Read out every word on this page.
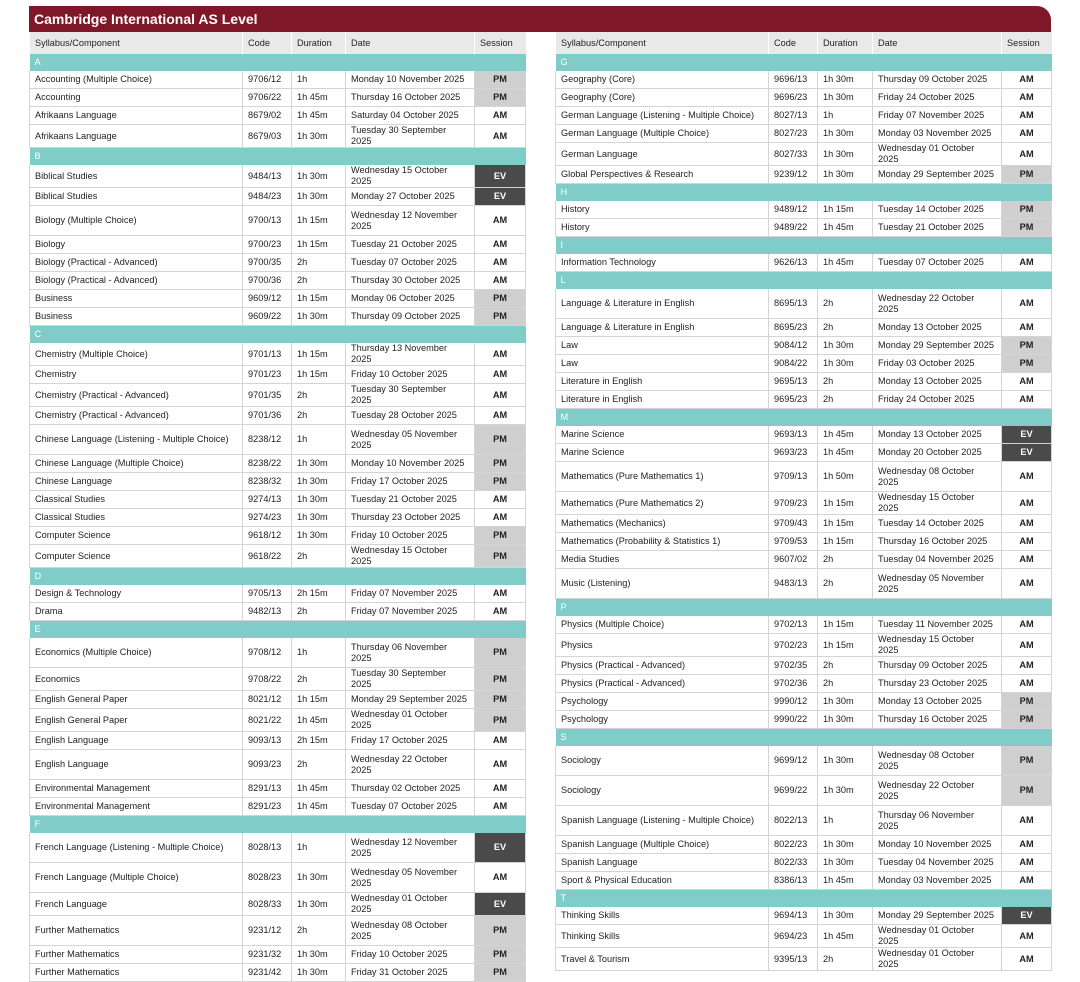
Cambridge International AS Level
Syllabus/Component	Code	Duration	Date	Session
A				
Accounting (Multiple Choice)	9706/12	1h	Monday 10 November 2025	PM
Accounting	9706/22	1h 45m	Thursday 16 October 2025	PM
Afrikaans Language	8679/02	1h 45m	Saturday 04 October 2025	AM
Afrikaans Language	8679/03	1h 30m	Tuesday 30 September 2025	AM
B				
Biblical Studies	9484/13	1h 30m	Wednesday 15 October 2025	EV
Biblical Studies	9484/23	1h 30m	Monday 27 October 2025	EV
Biology (Multiple Choice)	9700/13	1h 15m	Wednesday 12 November 2025	AM
Biology	9700/23	1h 15m	Tuesday 21 October 2025	AM
Biology (Practical - Advanced)	9700/35	2h	Tuesday 07 October 2025	AM
Biology (Practical - Advanced)	9700/36	2h	Thursday 30 October 2025	AM
Business	9609/12	1h 15m	Monday 06 October 2025	PM
Business	9609/22	1h 30m	Thursday 09 October 2025	PM
C				
Chemistry (Multiple Choice)	9701/13	1h 15m	Thursday 13 November 2025	AM
Chemistry	9701/23	1h 15m	Friday 10 October 2025	AM
Chemistry (Practical - Advanced)	9701/35	2h	Tuesday 30 September 2025	AM
Chemistry (Practical - Advanced)	9701/36	2h	Tuesday 28 October 2025	AM
Chinese Language (Listening - Multiple Choice)	8238/12	1h	Wednesday 05 November 2025	PM
Chinese Language (Multiple Choice)	8238/22	1h 30m	Monday 10 November 2025	PM
Chinese Language	8238/32	1h 30m	Friday 17 October 2025	PM
Classical Studies	9274/13	1h 30m	Tuesday 21 October 2025	AM
Classical Studies	9274/23	1h 30m	Thursday 23 October 2025	AM
Computer Science	9618/12	1h 30m	Friday 10 October 2025	PM
Computer Science	9618/22	2h	Wednesday 15 October 2025	PM
D				
Design & Technology	9705/13	2h 15m	Friday 07 November 2025	AM
Drama	9482/13	2h	Friday 07 November 2025	AM
E				
Economics (Multiple Choice)	9708/12	1h	Thursday 06 November 2025	PM
Economics	9708/22	2h	Tuesday 30 September 2025	PM
English General Paper	8021/12	1h 15m	Monday 29 September 2025	PM
English General Paper	8021/22	1h 45m	Wednesday 01 October 2025	PM
English Language	9093/13	2h 15m	Friday 17 October 2025	AM
English Language	9093/23	2h	Wednesday 22 October 2025	AM
Environmental Management	8291/13	1h 45m	Thursday 02 October 2025	AM
Environmental Management	8291/23	1h 45m	Tuesday 07 October 2025	AM
F				
French Language (Listening - Multiple Choice)	8028/13	1h	Wednesday 12 November 2025	EV
French Language (Multiple Choice)	8028/23	1h 30m	Wednesday 05 November 2025	AM
French Language	8028/33	1h 30m	Wednesday 01 October 2025	EV
Further Mathematics	9231/12	2h	Wednesday 08 October 2025	PM
Further Mathematics	9231/32	1h 30m	Friday 10 October 2025	PM
Further Mathematics	9231/42	1h 30m	Friday 31 October 2025	PM
Syllabus/Component	Code	Duration	Date	Session
G				
Geography (Core)	9696/13	1h 30m	Thursday 09 October 2025	AM
Geography (Core)	9696/23	1h 30m	Friday 24 October 2025	AM
German Language (Listening - Multiple Choice)	8027/13	1h	Friday 07 November 2025	AM
German Language (Multiple Choice)	8027/23	1h 30m	Monday 03 November 2025	AM
German Language	8027/33	1h 30m	Wednesday 01 October 2025	AM
Global Perspectives & Research	9239/12	1h 30m	Monday 29 September 2025	PM
H				
History	9489/12	1h 15m	Tuesday 14 October 2025	PM
History	9489/22	1h 45m	Tuesday 21 October 2025	PM
I				
Information Technology	9626/13	1h 45m	Tuesday 07 October 2025	AM
L				
Language & Literature in English	8695/13	2h	Wednesday 22 October 2025	AM
Language & Literature in English	8695/23	2h	Monday 13 October 2025	AM
Law	9084/12	1h 30m	Monday 29 September 2025	PM
Law	9084/22	1h 30m	Friday 03 October 2025	PM
Literature in English	9695/13	2h	Monday 13 October 2025	AM
Literature in English	9695/23	2h	Friday 24 October 2025	AM
M				
Marine Science	9693/13	1h 45m	Monday 13 October 2025	EV
Marine Science	9693/23	1h 45m	Monday 20 October 2025	EV
Mathematics (Pure Mathematics 1)	9709/13	1h 50m	Wednesday 08 October 2025	AM
Mathematics (Pure Mathematics 2)	9709/23	1h 15m	Wednesday 15 October 2025	AM
Mathematics (Mechanics)	9709/43	1h 15m	Tuesday 14 October 2025	AM
Mathematics (Probability & Statistics 1)	9709/53	1h 15m	Thursday 16 October 2025	AM
Media Studies	9607/02	2h	Tuesday 04 November 2025	AM
Music (Listening)	9483/13	2h	Wednesday 05 November 2025	AM
P				
Physics (Multiple Choice)	9702/13	1h 15m	Tuesday 11 November 2025	AM
Physics	9702/23	1h 15m	Wednesday 15 October 2025	AM
Physics (Practical - Advanced)	9702/35	2h	Thursday 09 October 2025	AM
Physics (Practical - Advanced)	9702/36	2h	Thursday 23 October 2025	AM
Psychology	9990/12	1h 30m	Monday 13 October 2025	PM
Psychology	9990/22	1h 30m	Thursday 16 October 2025	PM
S				
Sociology	9699/12	1h 30m	Wednesday 08 October 2025	PM
Sociology	9699/22	1h 30m	Wednesday 22 October 2025	PM
Spanish Language (Listening - Multiple Choice)	8022/13	1h	Thursday 06 November 2025	AM
Spanish Language (Multiple Choice)	8022/23	1h 30m	Monday 10 November 2025	AM
Spanish Language	8022/33	1h 30m	Tuesday 04 November 2025	AM
Sport & Physical Education	8386/13	1h 45m	Monday 03 November 2025	AM
T				
Thinking Skills	9694/13	1h 30m	Monday 29 September 2025	EV
Thinking Skills	9694/23	1h 45m	Wednesday 01 October 2025	AM
Travel & Tourism	9395/13	2h	Wednesday 01 October 2025	AM
